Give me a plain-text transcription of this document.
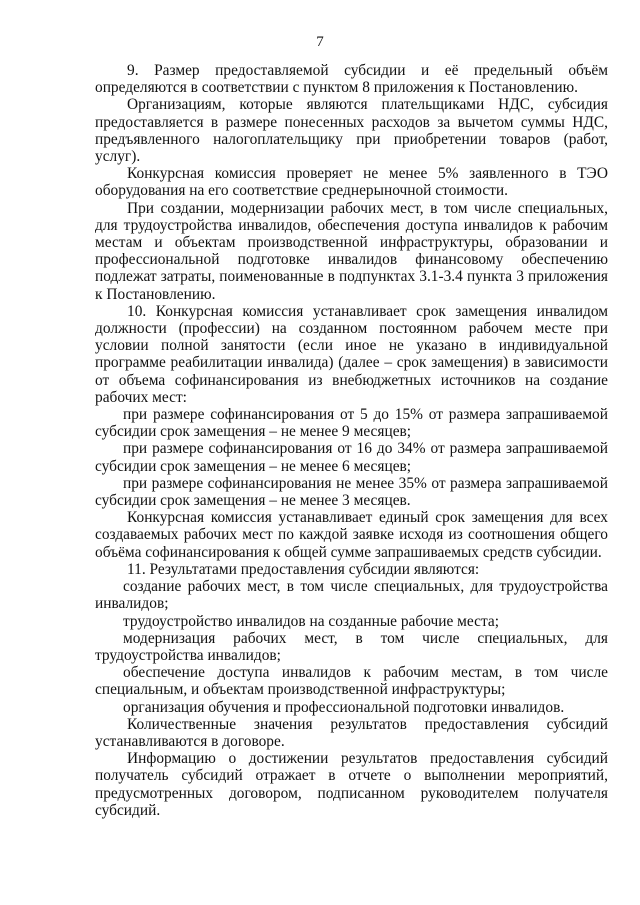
7

9. Размер предоставляемой субсидии и её предельный объём определяются в соответствии с пунктом 8 приложения к Постановлению.

Организациям, которые являются плательщиками НДС, субсидия предоставляется в размере понесенных расходов за вычетом суммы НДС, предъявленного налогоплательщику при приобретении товаров (работ, услуг).

Конкурсная комиссия проверяет не менее 5% заявленного в ТЭО оборудования на его соответствие среднерыночной стоимости.

При создании, модернизации рабочих мест, в том числе специальных, для трудоустройства инвалидов, обеспечения доступа инвалидов к рабочим местам и объектам производственной инфраструктуры, образовании и профессиональной подготовке инвалидов финансовому обеспечению подлежат затраты, поименованные в подпунктах 3.1-3.4 пункта 3 приложения к Постановлению.

10. Конкурсная комиссия устанавливает срок замещения инвалидом должности (профессии) на созданном постоянном рабочем месте при условии полной занятости (если иное не указано в индивидуальной программе реабилитации инвалида) (далее – срок замещения) в зависимости от объема софинансирования из внебюджетных источников на создание рабочих мест:

при размере софинансирования от 5 до 15% от размера запрашиваемой субсидии срок замещения – не менее 9 месяцев;

при размере софинансирования от 16 до 34% от размера запрашиваемой субсидии срок замещения – не менее 6 месяцев;

при размере софинансирования не менее 35% от размера запрашиваемой субсидии срок замещения – не менее 3 месяцев.

Конкурсная комиссия устанавливает единый срок замещения для всех создаваемых рабочих мест по каждой заявке исходя из соотношения общего объёма софинансирования к общей сумме запрашиваемых средств субсидии.

11. Результатами предоставления субсидии являются:

создание рабочих мест, в том числе специальных, для трудоустройства инвалидов;

трудоустройство инвалидов на созданные рабочие места;

модернизация рабочих мест, в том числе специальных, для трудоустройства инвалидов;

обеспечение доступа инвалидов к рабочим местам, в том числе специальным, и объектам производственной инфраструктуры;

организация обучения и профессиональной подготовки инвалидов.

Количественные значения результатов предоставления субсидий устанавливаются в договоре.

Информацию о достижении результатов предоставления субсидий получатель субсидий отражает в отчете о выполнении мероприятий, предусмотренных договором, подписанном руководителем получателя субсидий.
